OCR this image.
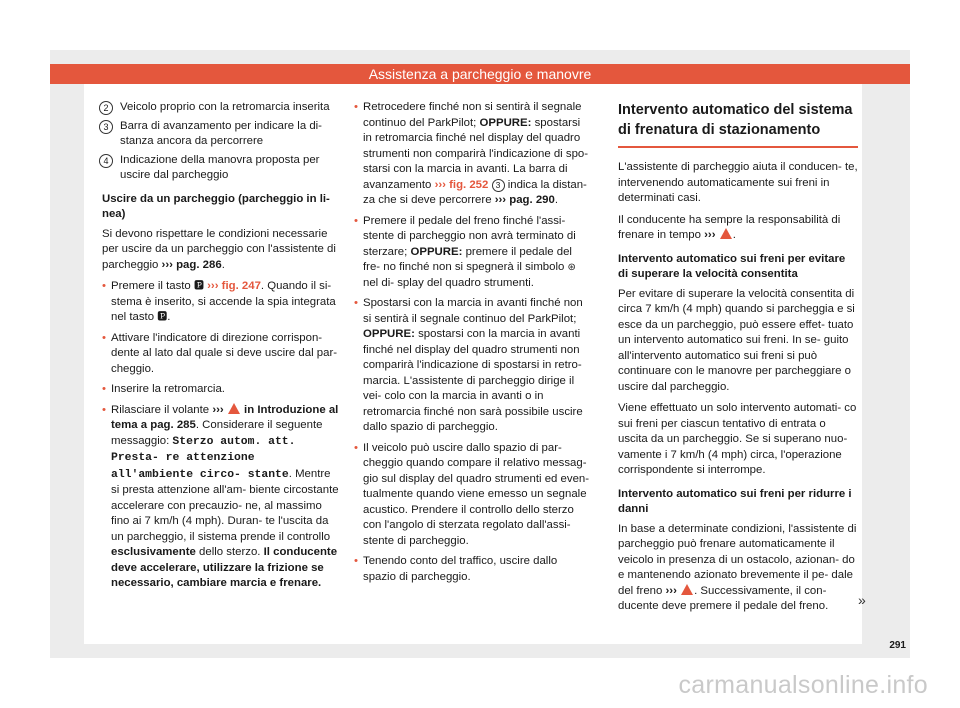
Assistenza a parcheggio e manovre
2	Veicolo proprio con la retromarcia inserita
3	Barra di avanzamento per indicare la di- stanza ancora da percorrere
4	Indicazione della manovra proposta per uscire dal parcheggio
Uscire da un parcheggio (parcheggio in li- nea)

Si devono rispettare le condizioni necessarie per uscire da un parcheggio con l'assistente di parcheggio ››› pag. 286.

• Premere il tasto 🅿 ››› fig. 247. Quando il si- stema è inserito, si accende la spia integrata nel tasto 🅿.
• Attivare l'indicatore di direzione corrispon- dente al lato dal quale si deve uscire dal par- cheggio.
• Inserire la retromarcia.
• Rilasciare il volante ››› in Introduzione al tema a pag. 285. Considerare il seguente messaggio: Sterzo autom. att. Presta- re attenzione all'ambiente circo- stante. Mentre si presta attenzione all'am- biente circostante accelerare con precauzio- ne, al massimo fino ai 7 km/h (4 mph). Duran- te l'uscita da un parcheggio, il sistema prende il controllo esclusivamente dello sterzo. Il conducente deve accelerare, utilizzare la frizione se necessario, cambiare marcia e frenare.
• Retrocedere finché non si sentirà il segnale continuo del ParkPilot; OPPURE: spostarsi in retromarcia finché nel display del quadro strumenti non comparirà l'indicazione di spo- starsi con la marcia in avanti. La barra di avanzamento ››› fig. 252 3 indica la distan- za che si deve percorrere ››› pag. 290.
• Premere il pedale del freno finché l'assi- stente di parcheggio non avrà terminato di sterzare; OPPURE: premere il pedale del fre- no finché non si spegnerà il simbolo ⊛ nel di- splay del quadro strumenti.
• Spostarsi con la marcia in avanti finché non si sentirà il segnale continuo del ParkPilot; OPPURE: spostarsi con la marcia in avanti finché nel display del quadro strumenti non comparirà l'indicazione di spostarsi in retro- marcia. L'assistente di parcheggio dirige il vei- colo con la marcia in avanti o in retromarcia finché non sarà possibile uscire dallo spazio di parcheggio.
• Il veicolo può uscire dallo spazio di par- cheggio quando compare il relativo messag- gio sul display del quadro strumenti ed even- tualmente quando viene emesso un segnale acustico. Prendere il controllo dello sterzo con l'angolo di sterzata regolato dall'assi- stente di parcheggio.
• Tenendo conto del traffico, uscire dallo spazio di parcheggio.
Intervento automatico del sistema di frenatura di stazionamento

L'assistente di parcheggio aiuta il conducen- te, intervenendo automaticamente sui freni in determinati casi.

Il conducente ha sempre la responsabilità di frenare in tempo ››› .

Intervento automatico sui freni per evitare di superare la velocità consentita

Per evitare di superare la velocità consentita di circa 7 km/h (4 mph) quando si parcheggia e si esce da un parcheggio, può essere effet- tuato un intervento automatico sui freni. In se- guito all'intervento automatico sui freni si può continuare con le manovre per parcheggiare o uscire dal parcheggio.

Viene effettuato un solo intervento automati- co sui freni per ciascun tentativo di entrata o uscita da un parcheggio. Se si superano nuo- vamente i 7 km/h (4 mph) circa, l'operazione corrispondente si interrompe.

Intervento automatico sui freni per ridurre i danni

In base a determinate condizioni, l'assistente di parcheggio può frenare automaticamente il veicolo in presenza di un ostacolo, azionan- do e mantenendo azionato brevemente il pe- dale del freno ››› . Successivamente, il con- ducente deve premere il pedale del freno.	»
291
carmanualsonline.info
